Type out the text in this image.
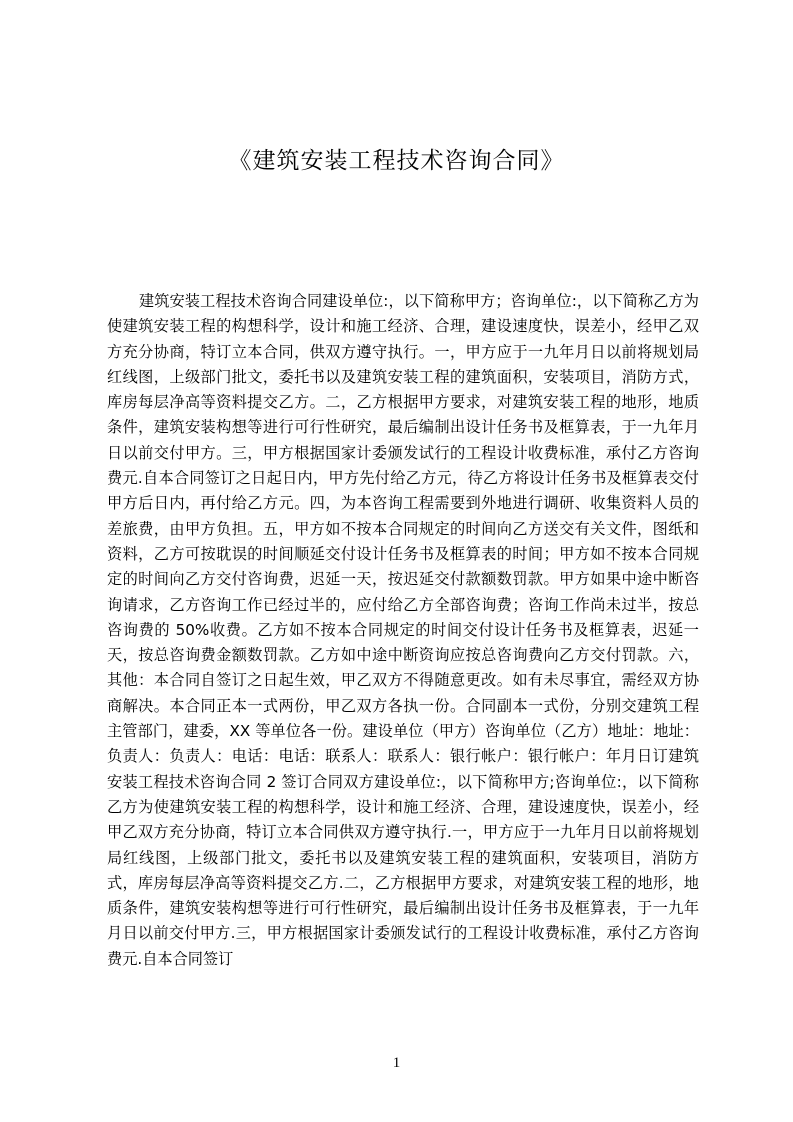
《建筑安装工程技术咨询合同》

建筑安装工程技术咨询合同建设单位:，以下简称甲方；咨询单位:，以下简称乙方为使建筑安装工程的构想科学，设计和施工经济、合理，建设速度快，误差小，经甲乙双方充分协商，特订立本合同，供双方遵守执行。一，甲方应于一九年月日以前将规划局红线图，上级部门批文，委托书以及建筑安装工程的建筑面积，安装项目，消防方式，库房每层净高等资料提交乙方。二，乙方根据甲方要求，对建筑安装工程的地形，地质条件，建筑安装构想等进行可行性研究，最后编制出设计任务书及框算表，于一九年月日以前交付甲方。三，甲方根据国家计委颁发试行的工程设计收费标准，承付乙方咨询费元.自本合同签订之日起日内，甲方先付给乙方元，待乙方将设计任务书及框算表交付甲方后日内，再付给乙方元。四，为本咨询工程需要到外地进行调研、收集资料人员的差旅费，由甲方负担。五，甲方如不按本合同规定的时间向乙方送交有关文件，图纸和资料，乙方可按耽误的时间顺延交付设计任务书及框算表的时间；甲方如不按本合同规定的时间向乙方交付咨询费，迟延一天，按迟延交付款额数罚款。甲方如果中途中断咨询请求，乙方咨询工作已经过半的，应付给乙方全部咨询费；咨询工作尚未过半，按总咨询费的 50%收费。乙方如不按本合同规定的时间交付设计任务书及框算表，迟延一天，按总咨询费金额数罚款。乙方如中途中断资询应按总咨询费向乙方交付罚款。六，其他：本合同自签订之日起生效，甲乙双方不得随意更改。如有未尽事宜，需经双方协商解决。本合同正本一式两份，甲乙双方各执一份。合同副本一式份，分别交建筑工程主管部门，建委，XX 等单位各一份。建设单位（甲方）咨询单位（乙方）地址：地址：负责人：负责人：电话：电话：联系人：联系人：银行帐户：银行帐户：年月日订建筑安装工程技术咨询合同 2 签订合同双方建设单位:，以下简称甲方;咨询单位:，以下简称乙方为使建筑安装工程的构想科学，设计和施工经济、合理，建设速度快，误差小，经甲乙双方充分协商，特订立本合同供双方遵守执行.一，甲方应于一九年月日以前将规划局红线图，上级部门批文，委托书以及建筑安装工程的建筑面积，安装项目，消防方式，库房每层净高等资料提交乙方.二，乙方根据甲方要求，对建筑安装工程的地形，地质条件，建筑安装构想等进行可行性研究，最后编制出设计任务书及框算表，于一九年月日以前交付甲方.三，甲方根据国家计委颁发试行的工程设计收费标准，承付乙方咨询费元.自本合同签订

1
